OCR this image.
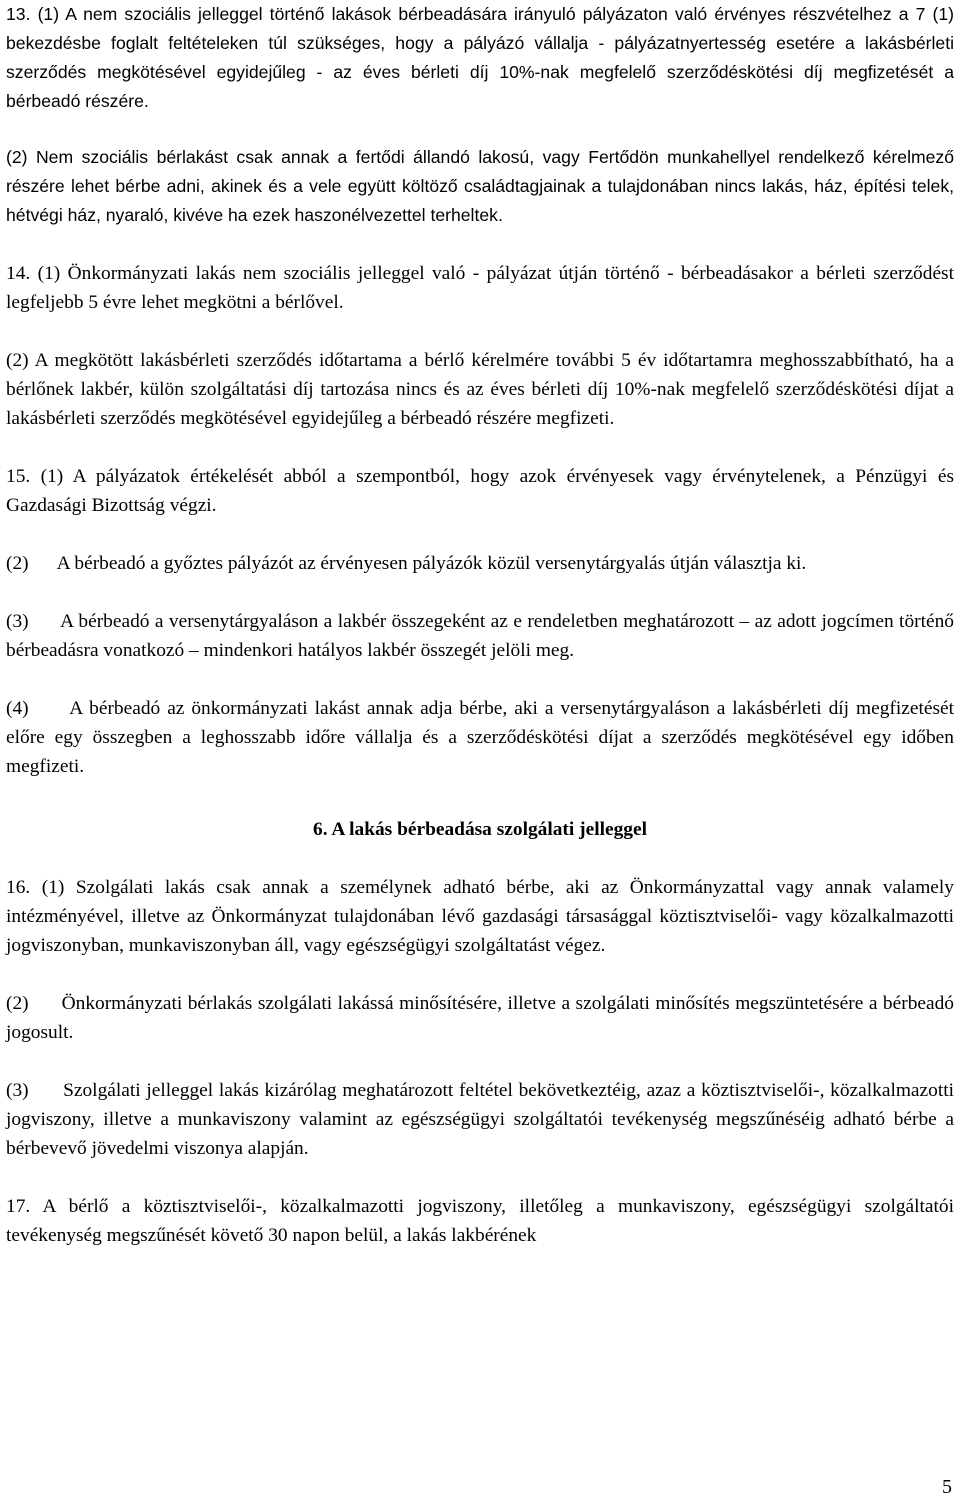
13. (1) A nem szociális jelleggel történő lakások bérbeadására irányuló pályázaton való érvényes részvételhez a 7 (1) bekezdésbe foglalt feltételeken túl szükséges, hogy a pályázó vállalja - pályázatnyertesség esetére a lakásbérleti szerződés megkötésével egyidejűleg - az éves bérleti díj 10%-nak megfelelő szerződéskötési díj megfizetését a bérbeadó részére.

(2) Nem szociális bérlakást csak annak a fertődi állandó lakosú, vagy Fertődön munkahellyel rendelkező kérelmező részére lehet bérbe adni, akinek és a vele együtt költöző családtagjainak a tulajdonában nincs lakás, ház, építési telek, hétvégi ház, nyaraló, kivéve ha ezek haszonélvezettel terheltek.

14. (1) Önkormányzati lakás nem szociális jelleggel való - pályázat útján történő - bérbeadásakor a bérleti szerződést legfeljebb 5 évre lehet megkötni a bérlővel.

(2) A megkötött lakásbérleti szerződés időtartama a bérlő kérelmére további 5 év időtartamra meghosszabbítható, ha a bérlőnek lakbér, külön szolgáltatási díj tartozása nincs és az éves bérleti díj 10%-nak megfelelő szerződéskötési díjat a lakásbérleti szerződés megkötésével egyidejűleg a bérbeadó részére megfizeti.

15. (1) A pályázatok értékelését abból a szempontból, hogy azok érvényesek vagy érvénytelenek, a Pénzügyi és Gazdasági Bizottság végzi.

(2)      A bérbeadó a győztes pályázót az érvényesen pályázók közül versenytárgyalás útján választja ki.

(3)      A bérbeadó a versenytárgyaláson a lakbér összegeként az e rendeletben meghatározott – az adott jogcímen történő bérbeadásra vonatkozó – mindenkori hatályos lakbér összegét jelöli meg.

(4)      A bérbeadó az önkormányzati lakást annak adja bérbe, aki a versenytárgyaláson a lakásbérleti díj megfizetését előre egy összegben a leghosszabb időre vállalja és a szerződéskötési díjat a szerződés megkötésével egy időben megfizeti.

6. A lakás bérbeadása szolgálati jelleggel

16. (1) Szolgálati lakás csak annak a személynek adható bérbe, aki az Önkormányzattal vagy annak valamely intézményével, illetve az Önkormányzat tulajdonában lévő gazdasági társasággal köztisztviselői- vagy közalkalmazotti jogviszonyban, munkaviszonyban áll, vagy egészségügyi szolgáltatást végez.

(2)      Önkormányzati bérlakás szolgálati lakássá minősítésére, illetve a szolgálati minősítés megszüntetésére a bérbeadó jogosult.

(3)      Szolgálati jelleggel lakás kizárólag meghatározott feltétel bekövetkeztéig, azaz a köztisztviselői-, közalkalmazotti jogviszony, illetve a munkaviszony valamint az egészségügyi szolgáltatói tevékenység megszűnéséig adható bérbe a bérbevevő jövedelmi viszonya alapján.

17. A bérlő a köztisztviselői-, közalkalmazotti jogviszony, illetőleg a munkaviszony, egészségügyi szolgáltatói tevékenység megszűnését követő 30 napon belül, a lakás lakbérének

5
